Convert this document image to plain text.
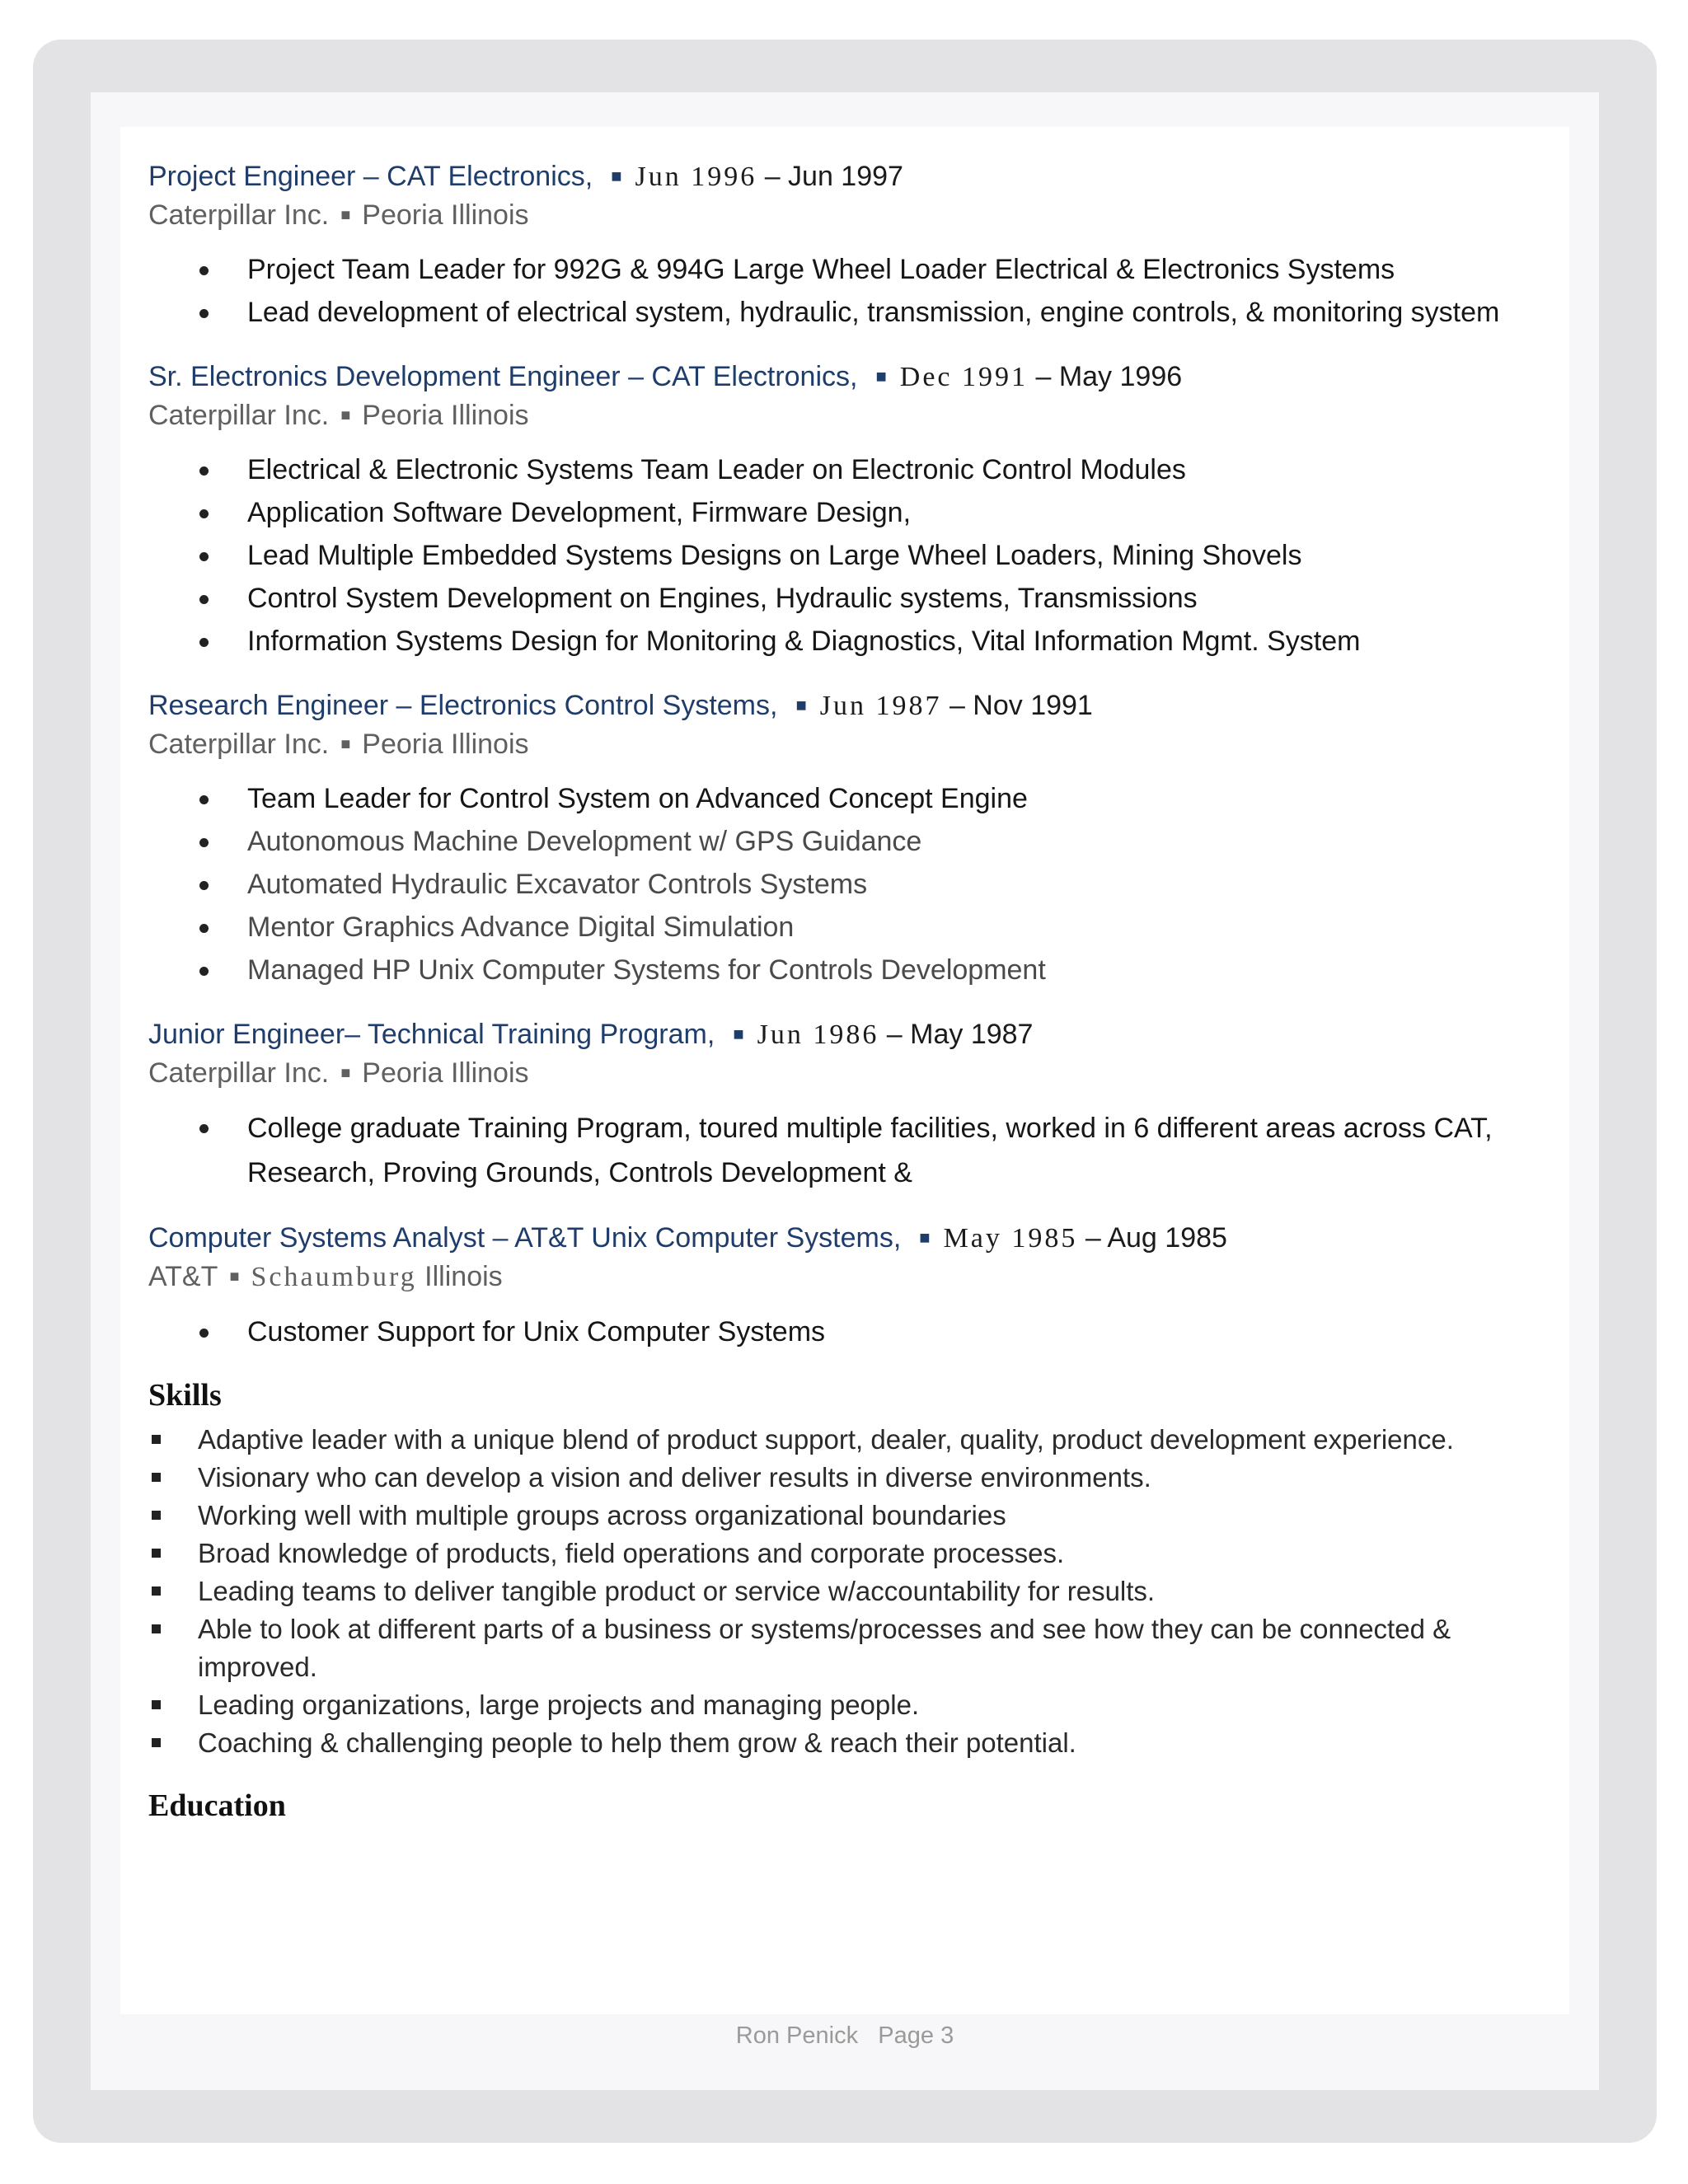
Project Engineer – CAT Electronics, ■ Jun 1996 – Jun 1997
Caterpillar Inc. ■ Peoria Illinois
Project Team Leader for 992G & 994G Large Wheel Loader Electrical & Electronics Systems
Lead development of electrical system, hydraulic, transmission, engine controls, & monitoring system
Sr. Electronics Development Engineer – CAT Electronics, ■ Dec 1991 – May 1996
Caterpillar Inc. ■ Peoria Illinois
Electrical & Electronic Systems Team Leader on Electronic Control Modules
Application Software Development, Firmware Design,
Lead Multiple Embedded Systems Designs on Large Wheel Loaders, Mining Shovels
Control System Development on Engines, Hydraulic systems, Transmissions
Information Systems Design for Monitoring & Diagnostics, Vital Information Mgmt. System
Research Engineer – Electronics Control Systems, ■ Jun 1987 – Nov 1991
Caterpillar Inc. ■ Peoria Illinois
Team Leader for Control System on Advanced Concept Engine
Autonomous Machine Development w/ GPS Guidance
Automated Hydraulic Excavator Controls Systems
Mentor Graphics Advance Digital Simulation
Managed HP Unix Computer Systems for Controls Development
Junior Engineer– Technical Training Program, ■ Jun 1986 – May 1987
Caterpillar Inc. ■ Peoria Illinois
College graduate Training Program, toured multiple facilities, worked in 6 different areas across CAT, Research, Proving Grounds, Controls Development &
Computer Systems Analyst – AT&T Unix Computer Systems, ■ May 1985 – Aug 1985
AT&T ■ Schaumburg Illinois
Customer Support for Unix Computer Systems
Skills
Adaptive leader with a unique blend of product support, dealer, quality, product development experience.
Visionary who can develop a vision and deliver results in diverse environments.
Working well with multiple groups across organizational boundaries
Broad knowledge of products, field operations and corporate processes.
Leading teams to deliver tangible product or service w/accountability for results.
Able to look at different parts of a business or systems/processes and see how they can be connected & improved.
Leading organizations, large projects and managing people.
Coaching & challenging people to help them grow & reach their potential.
Education
Ron Penick Page 3
